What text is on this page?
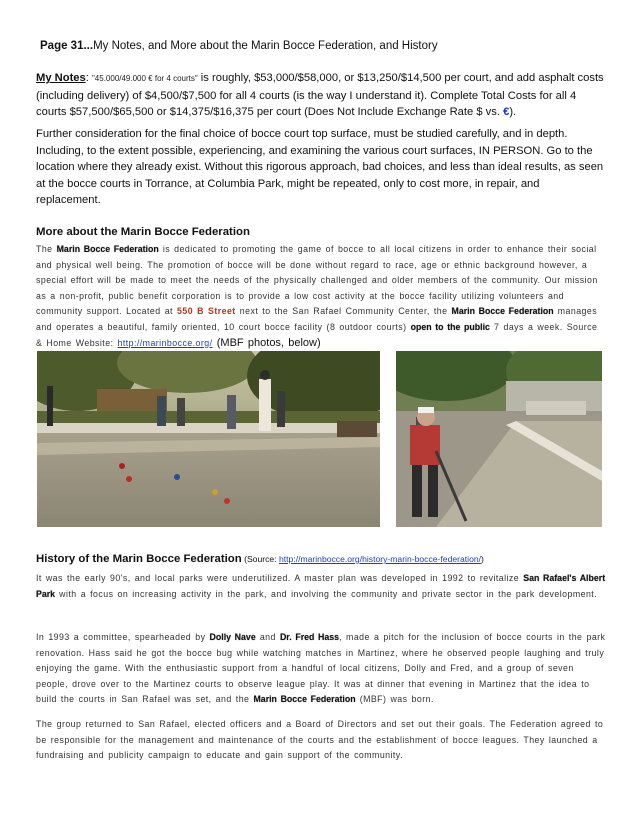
Page 31...My Notes, and More about the Marin Bocce Federation, and History
My Notes: "45.000/49.000 € for 4 courts" is roughly, $53,000/$58,000, or $13,250/$14,500 per court, and add asphalt costs (including delivery) of $4,500/$7,500 for all 4 courts (is the way I understand it). Complete Total Costs for all 4 courts $57,500/$65,500 or $14,375/$16,375 per court (Does Not Include Exchange Rate $ vs. €).
Further consideration for the final choice of bocce court top surface, must be studied carefully, and in depth. Including, to the extent possible, experiencing, and examining the various court surfaces, IN PERSON. Go to the location where they already exist. Without this rigorous approach, bad choices, and less than ideal results, as seen at the bocce courts in Torrance, at Columbia Park, might be repeated, only to cost more, in repair, and replacement.
More about the Marin Bocce Federation
The Marin Bocce Federation is dedicated to promoting the game of bocce to all local citizens in order to enhance their social and physical well being. The promotion of bocce will be done without regard to race, age or ethnic background however, a special effort will be made to meet the needs of the physically challenged and older members of the community. Our mission as a non-profit, public benefit corporation is to provide a low cost activity at the bocce facility utilizing volunteers and community support. Located at 550 B Street next to the San Rafael Community Center, the Marin Bocce Federation manages and operates a beautiful, family oriented, 10 court bocce facility (8 outdoor courts) open to the public 7 days a week. Source & Home Website: http://marinbocce.org/ (MBF photos, below)
History of the Marin Bocce Federation (Source: http://marinbocce.org/history-marin-bocce-federation/)
It was the early 90's, and local parks were underutilized. A master plan was developed in 1992 to revitalize San Rafael's Albert Park with a focus on increasing activity in the park, and involving the community and private sector in the park development.
In 1993 a committee, spearheaded by Dolly Nave and Dr. Fred Hass, made a pitch for the inclusion of bocce courts in the park renovation. Hass said he got the bocce bug while watching matches in Martinez, where he observed people laughing and truly enjoying the game. With the enthusiastic support from a handful of local citizens, Dolly and Fred, and a group of seven people, drove over to the Martinez courts to observe league play. It was at dinner that evening in Martinez that the idea to build the courts in San Rafael was set, and the Marin Bocce Federation (MBF) was born.
The group returned to San Rafael, elected officers and a Board of Directors and set out their goals. The Federation agreed to be responsible for the management and maintenance of the courts and the establishment of bocce leagues. They launched a fundraising and publicity campaign to educate and gain support of the community.
